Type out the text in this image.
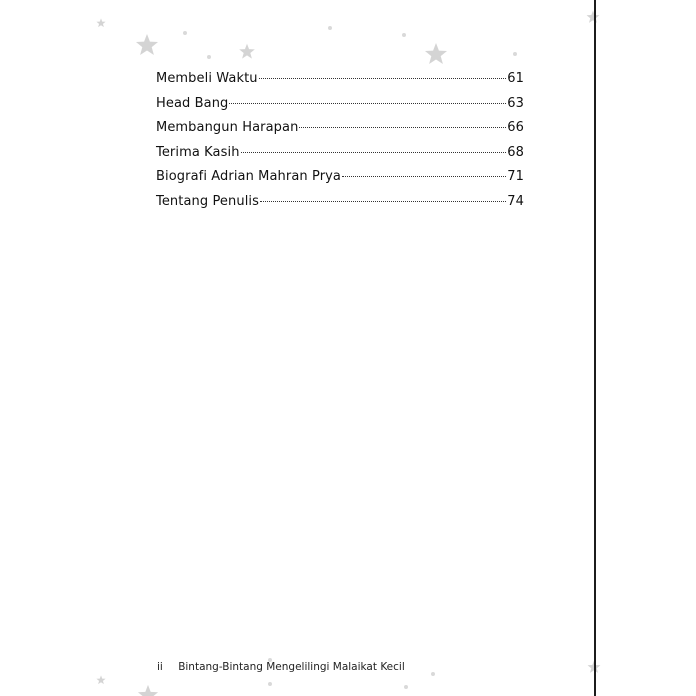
Membeli Waktu	61
Head Bang	63
Membangun Harapan	66
Terima Kasih	68
Biografi Adrian Mahran Prya	71
Tentang Penulis	74
ii Bintang-Bintang Mengelilingi Malaikat Kecil
